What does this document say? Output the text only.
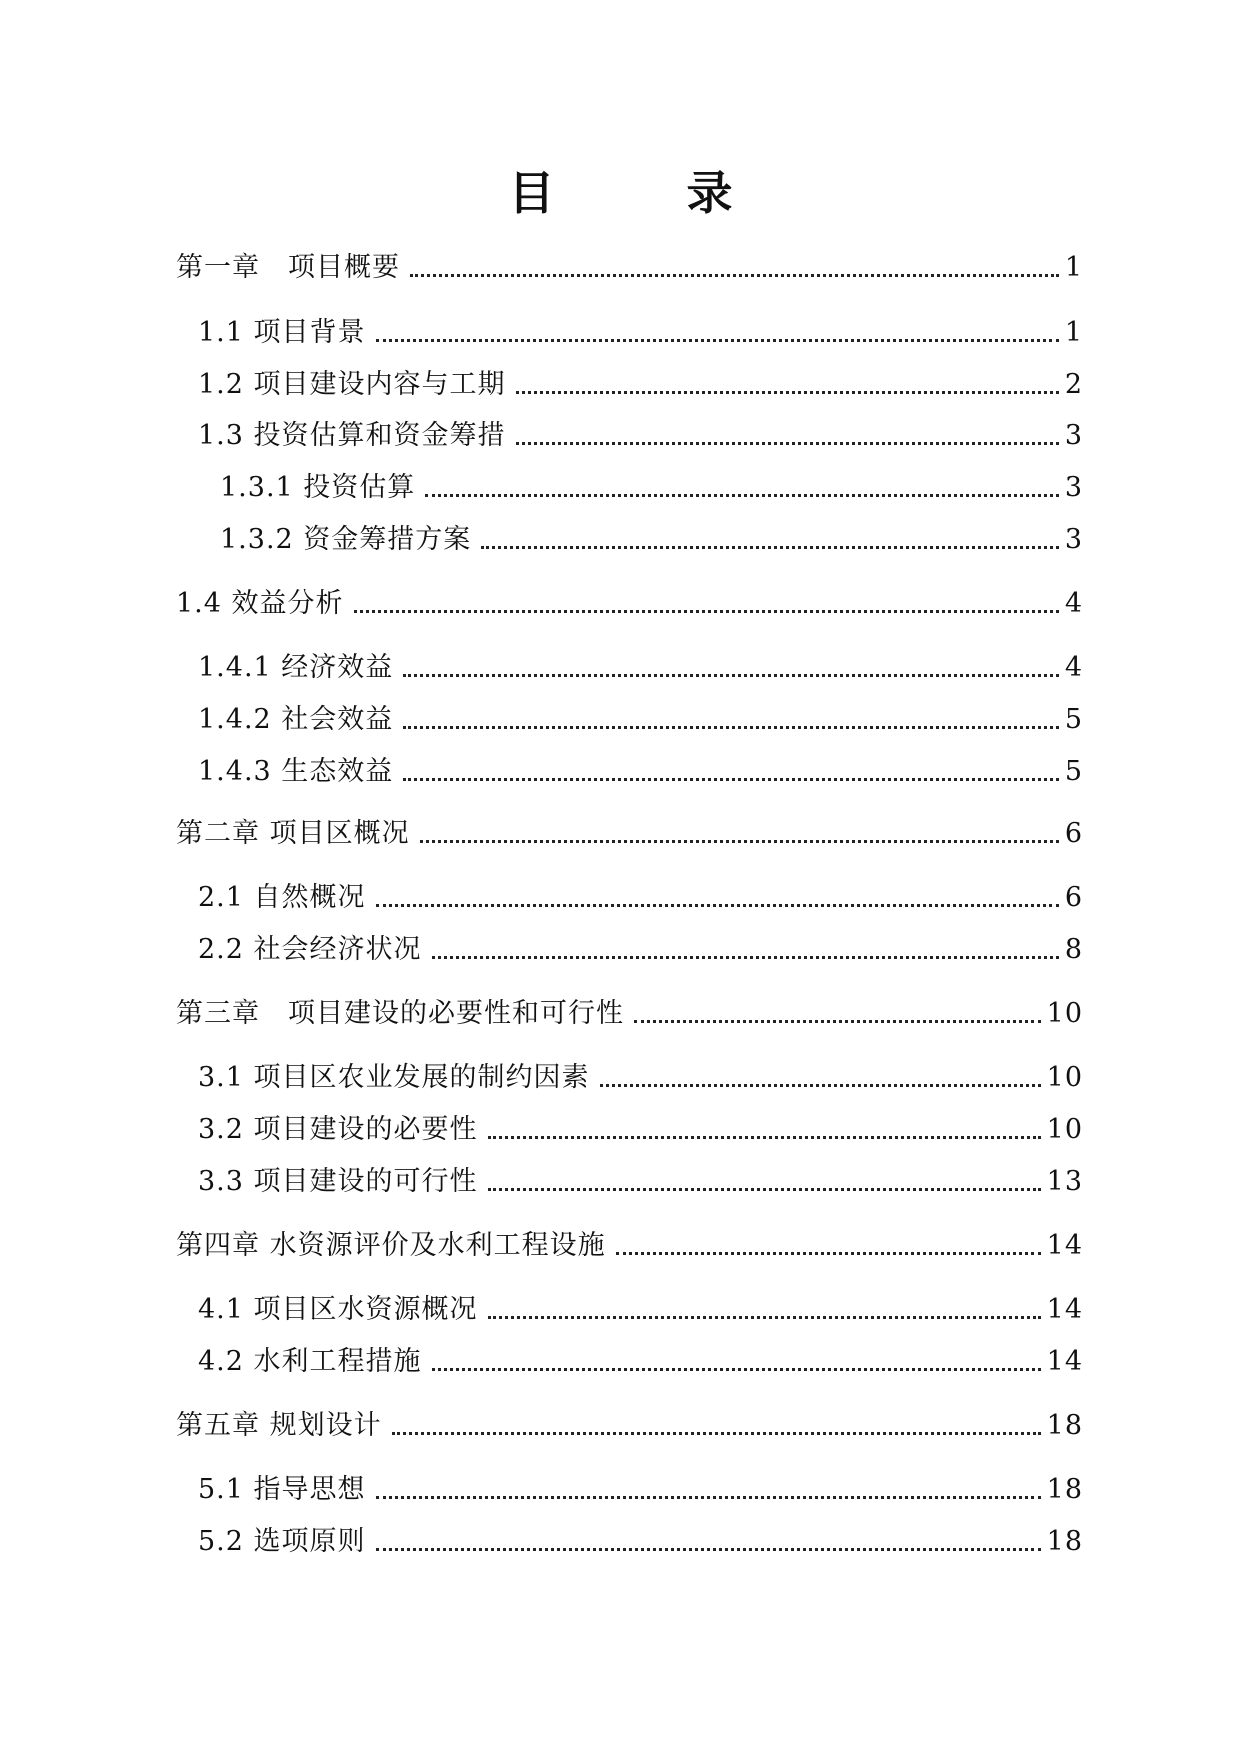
目 录
第一章　项目概要	1
1.1 项目背景	1
1.2 项目建设内容与工期	2
1.3 投资估算和资金筹措	3
1.3.1 投资估算	3
1.3.2 资金筹措方案	3
1.4 效益分析	4
1.4.1 经济效益	4
1.4.2 社会效益	5
1.4.3 生态效益	5
第二章 项目区概况	6
2.1 自然概况	6
2.2 社会经济状况	8
第三章　项目建设的必要性和可行性	10
3.1 项目区农业发展的制约因素	10
3.2 项目建设的必要性	10
3.3 项目建设的可行性	13
第四章 水资源评价及水利工程设施	14
4.1 项目区水资源概况	14
4.2 水利工程措施	14
第五章 规划设计	18
5.1 指导思想	18
5.2 选项原则	18
